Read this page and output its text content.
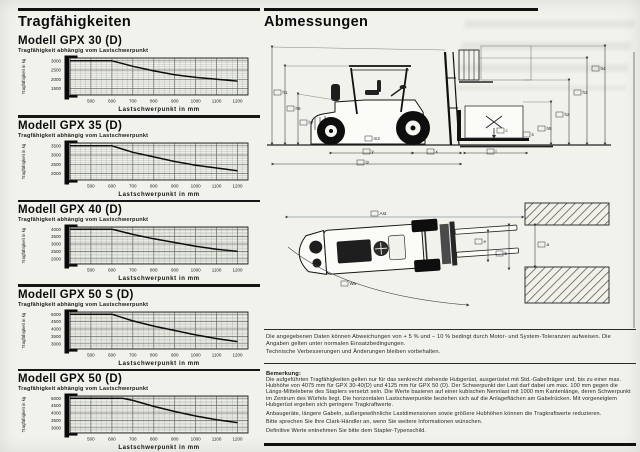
Tragfähigkeiten
Modell GPX 30 (D)

Tragfähigkeit abhängig vom Lastschwerpunkt

3000
2500
2000
1500
500	600	700	800	900	1000 1100 1200
Tragfähigkeit in kg
Lastschwerpunkt in mm
Modell GPX 35 (D)

Tragfähigkeit abhängig vom Lastschwerpunkt

3500
3000
2500
2000
500	600	700	800	900	1000 1100 1200
Tragfähigkeit in kg
Lastschwerpunkt in mm
Modell GPX 40 (D)

Tragfähigkeit abhängig vom Lastschwerpunkt

4000
3500
3000
2500
2000
500	600	700	800	900	1000 1100 1200
Tragfähigkeit in kg
Lastschwerpunkt in mm
Modell GPX 50 S (D)

Tragfähigkeit abhängig vom Lastschwerpunkt

5000
4500
4000
3500
3000
500	600	700	800	900	1000 1100 1200
Tragfähigkeit in kg
Lastschwerpunkt in mm
Modell GPX 50 (D)

Tragfähigkeit abhängig vom Lastschwerpunkt

5000
4500
4000
3500
3000
500	600	700	800	900	1000 1100 1200
Tragfähigkeit in kg
Lastschwerpunkt in mm
Abmessungen
c
h1
h6
h7
h4
h3
h2
h5
m2
y	x
l2
l
s
Ast
a
e
b
Wa

Die angegebenen Daten können Abweichungen von + 5 % und − 10 % bedingt durch Motor- und System-Toleranzen aufweisen. Die Angaben gelten unter normalen Einsatzbedingungen.

Technische Verbesserungen und Änderungen bleiben vorbehalten.

Bemerkung:

Die aufgeführten Tragfähigkeiten gelten nur für das senkrecht stehende Hubgerüst, ausgerüstet mit Std.-Gabelträger und, bis zu einer max. Hubhöhe von 4075 mm für GPX 30-40(D) und 4125 mm für GPX 50 (D). Der Schwerpunkt der Last darf dabei um max. 100 mm gegen die Längs-Mittelebene des Staplers versetzt sein. Die Werte basieren auf einer kubischen Nennlast mit 1000 mm Kantenlänge, deren Schwerpunkt im Zentrum des Würfels liegt. Die horizontalen Lastschwerpunkte beziehen sich auf die Anlageflächen am Gabelrücken. Mit vorgeneigtem Hubgerüst ergeben sich geringere Tragkraftwerte.

Anbaugeräte, längere Gabeln, außergewöhnliche Lastdimensionen sowie größere Hubhöhen können die Tragkraftwerte reduzieren.

Bitte sprechen Sie Ihre Clark-Händler an, wenn Sie weitere Informationen wünschen.

Definitive Werte entnehmen Sie bitte dem Stapler-Typenschild.
